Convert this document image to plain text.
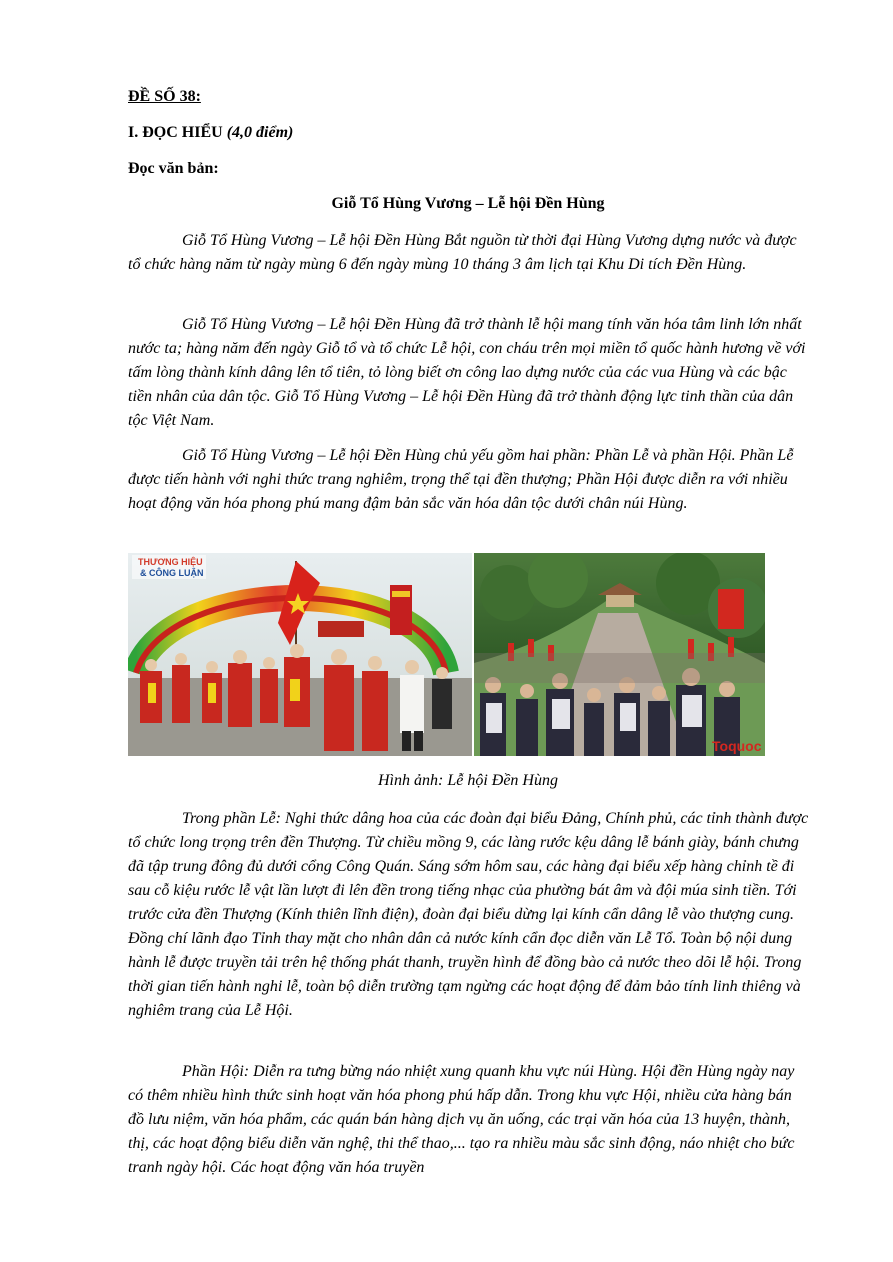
ĐỀ SỐ 38:
I. ĐỌC HIỂU (4,0 điểm)
Đọc văn bản:
Giỗ Tổ Hùng Vương – Lễ hội Đền Hùng

Giỗ Tổ Hùng Vương – Lễ hội Đền Hùng Bắt nguồn từ thời đại Hùng Vương dựng nước và được tổ chức hàng năm từ ngày mùng 6 đến ngày mùng 10 tháng 3 âm lịch tại Khu Di tích Đền Hùng.

Giỗ Tổ Hùng Vương – Lễ hội Đền Hùng đã trở thành lễ hội mang tính văn hóa tâm linh lớn nhất nước ta; hàng năm đến ngày Giỗ tổ và tổ chức Lễ hội, con cháu trên mọi miền tổ quốc hành hương về với tấm lòng thành kính dâng lên tổ tiên, tỏ lòng biết ơn công lao dựng nước của các vua Hùng và các bậc tiền nhân của dân tộc. Giỗ Tổ Hùng Vương – Lễ hội Đền Hùng đã trở thành động lực tinh thần của dân tộc Việt Nam.

Giỗ Tổ Hùng Vương – Lễ hội Đền Hùng chủ yếu gồm hai phần: Phần Lễ và phần Hội. Phần Lễ được tiến hành với nghi thức trang nghiêm, trọng thể tại đền thượng; Phần Hội được diễn ra với nhiều hoạt động văn hóa phong phú mang đậm bản sắc văn hóa dân tộc dưới chân núi Hùng.

THƯƠNG HIỆU
& CÔNG LUẬN
Toquoc
Hình ảnh: Lễ hội Đền Hùng

Trong phần Lễ: Nghi thức dâng hoa của các đoàn đại biểu Đảng, Chính phủ, các tỉnh thành được tổ chức long trọng trên đền Thượng. Từ chiều mồng 9, các làng rước kệu dâng lễ bánh giày, bánh chưng đã tập trung đông đủ dưới cổng Công Quán. Sáng sớm hôm sau, các hàng đại biểu xếp hàng chỉnh tề đi sau cỗ kiệu rước lễ vật lần lượt đi lên đền trong tiếng nhạc của phường bát âm và đội múa sinh tiền. Tới trước cửa đền Thượng (Kính thiên lĩnh điện), đoàn đại biểu dừng lại kính cẩn dâng lễ vào thượng cung. Đồng chí lãnh đạo Tỉnh thay mặt cho nhân dân cả nước kính cẩn đọc diễn văn Lễ Tổ. Toàn bộ nội dung hành lễ được truyền tải trên hệ thống phát thanh, truyền hình để đồng bào cả nước theo dõi lễ hội. Trong thời gian tiến hành nghi lễ, toàn bộ diễn trường tạm ngừng các hoạt động để đảm bảo tính linh thiêng và nghiêm trang của Lễ Hội.

Phần Hội: Diễn ra tưng bừng náo nhiệt xung quanh khu vực núi Hùng. Hội đền Hùng ngày nay có thêm nhiều hình thức sinh hoạt văn hóa phong phú hấp dẫn. Trong khu vực Hội, nhiều cửa hàng bán đồ lưu niệm, văn hóa phẩm, các quán bán hàng dịch vụ ăn uống, các trại văn hóa của 13 huyện, thành, thị, các hoạt động biểu diễn văn nghệ, thi thể thao,... tạo ra nhiều màu sắc sinh động, náo nhiệt cho bức tranh ngày hội. Các hoạt động văn hóa truyền
